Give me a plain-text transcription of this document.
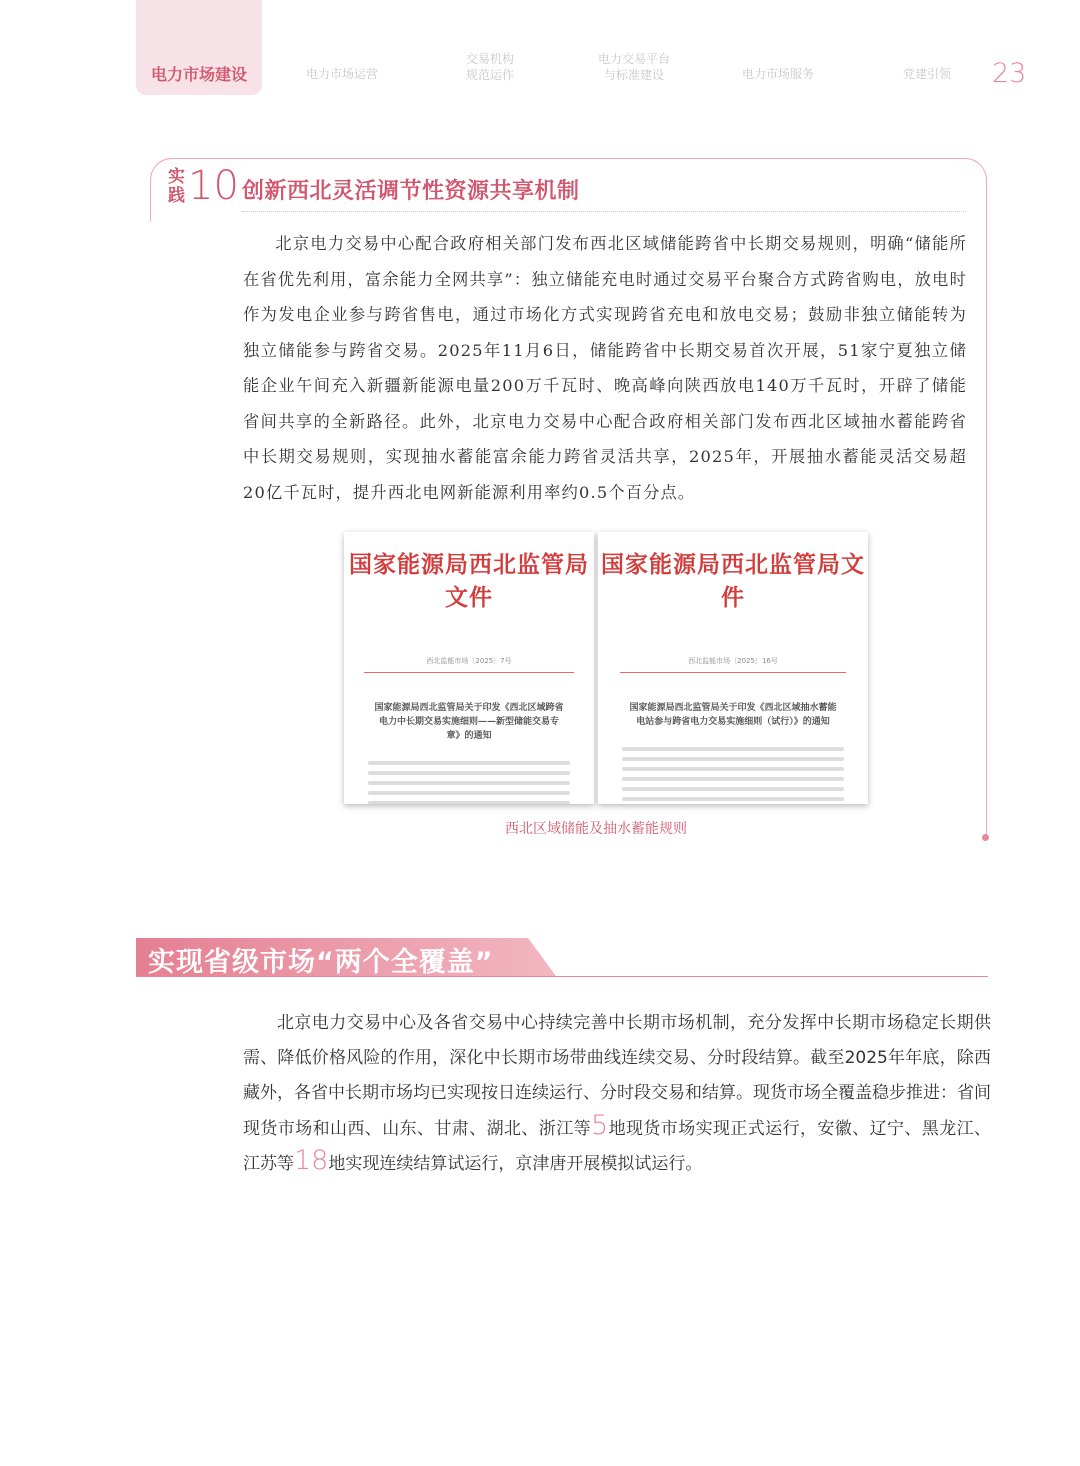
电力市场建设	电力市场运营
交易机构
规范运作
电力交易平台
与标准建设	电力市场服务	党建引领	23
实践 10 创新西北灵活调节性资源共享机制

北京电力交易中心配合政府相关部门发布西北区域储能跨省中长期交易规则，明确“储能所在省优先利用，富余能力全网共享”：独立储能充电时通过交易平台聚合方式跨省购电，放电时作为发电企业参与跨省售电，通过市场化方式实现跨省充电和放电交易；鼓励非独立储能转为独立储能参与跨省交易。2025年11月6日，储能跨省中长期交易首次开展，51家宁夏独立储能企业午间充入新疆新能源电量200万千瓦时、晚高峰向陕西放电140万千瓦时，开辟了储能省间共享的全新路径。此外，北京电力交易中心配合政府相关部门发布西北区域抽水蓄能跨省中长期交易规则，实现抽水蓄能富余能力跨省灵活共享，2025年，开展抽水蓄能灵活交易超20亿千瓦时，提升西北电网新能源利用率约0.5个百分点。

国家能源局西北监管局文件
西北监能市场〔2025〕7号
国家能源局西北监管局关于印发《西北区域跨省电力中长期交易实施细则——新型储能交易专章》的通知
国家能源局西北监管局文件
西北监能市场〔2025〕16号
国家能源局西北监管局关于印发《西北区域抽水蓄能电站参与跨省电力交易实施细则（试行）》的通知
西北区域储能及抽水蓄能规则
实现省级市场“两个全覆盖”

北京电力交易中心及各省交易中心持续完善中长期市场机制，充分发挥中长期市场稳定长期供需、降低价格风险的作用，深化中长期市场带曲线连续交易、分时段结算。截至2025年年底，除西藏外，各省中长期市场均已实现按日连续运行、分时段交易和结算。现货市场全覆盖稳步推进：省间现货市场和山西、山东、甘肃、湖北、浙江等5地现货市场实现正式运行，安徽、辽宁、黑龙江、江苏等18地实现连续结算试运行，京津唐开展模拟试运行。
